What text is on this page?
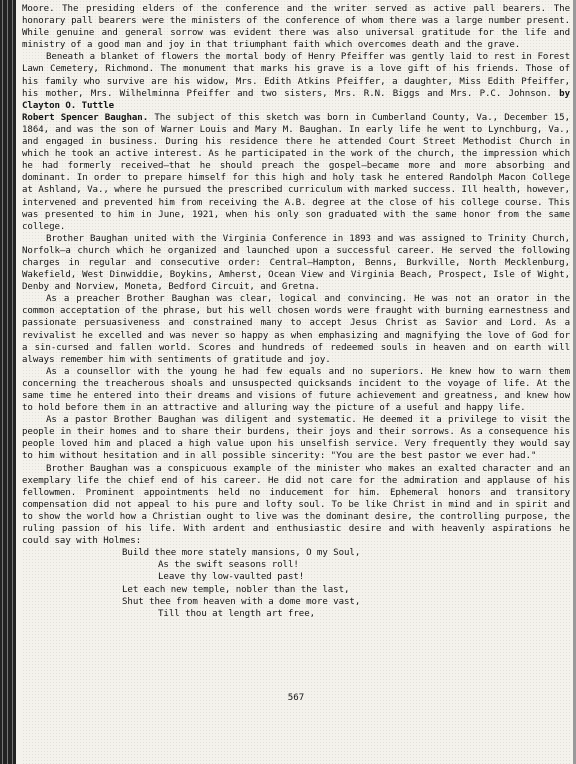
Moore. The presiding elders of the conference and the writer served as active pall bearers. The honorary pall bearers were the ministers of the conference of whom there was a large number present. While genuine and general sorrow was evident there was also universal gratitude for the life and ministry of a good man and joy in that triumphant faith which overcomes death and the grave.

Beneath a blanket of flowers the mortal body of Henry Pfeiffer was gently laid to rest in Forest Lawn Cemetery, Richmond. The monument that marks his grave is a love gift of his friends. Those of his family who survive are his widow, Mrs. Edith Atkins Pfeiffer, a daughter, Miss Edith Pfeiffer, his mother, Mrs. Wilhelminna Pfeiffer and two sisters, Mrs. R.N. Biggs and Mrs. P.C. Johnson. by Clayton O. Tuttle

Robert Spencer Baughan. The subject of this sketch was born in Cumberland County, Va., December 15, 1864, and was the son of Warner Louis and Mary M. Baughan. In early life he went to Lynchburg, Va., and engaged in business. During his residence there he attended Court Street Methodist Church in which he took an active interest. As he participated in the work of the church, the impression which he had formerly received—that he should preach the gospel—became more and more absorbing and dominant. In order to prepare himself for this high and holy task he entered Randolph Macon College at Ashland, Va., where he pursued the prescribed curriculum with marked success. Ill health, however, intervened and prevented him from receiving the A.B. degree at the close of his college course. This was presented to him in June, 1921, when his only son graduated with the same honor from the same college.

Brother Baughan united with the Virginia Conference in 1893 and was assigned to Trinity Church, Norfolk—a church which he organized and launched upon a successful career. He served the following charges in regular and consecutive order: Central—Hampton, Benns, Burkville, North Mecklenburg, Wakefield, West Dinwiddie, Boykins, Amherst, Ocean View and Virginia Beach, Prospect, Isle of Wight, Denby and Norview, Moneta, Bedford Circuit, and Gretna.

As a preacher Brother Baughan was clear, logical and convincing. He was not an orator in the common acceptation of the phrase, but his well chosen words were fraught with burning earnestness and passionate persuasiveness and constrained many to accept Jesus Christ as Savior and Lord. As a revivalist he excelled and was never so happy as when emphasizing and magnifying the love of God for a sin-cursed and fallen world. Scores and hundreds of redeemed souls in heaven and on earth will always remember him with sentiments of gratitude and joy.

As a counsellor with the young he had few equals and no superiors. He knew how to warn them concerning the treacherous shoals and unsuspected quicksands incident to the voyage of life. At the same time he entered into their dreams and visions of future achievement and greatness, and knew how to hold before them in an attractive and alluring way the picture of a useful and happy life.

As a pastor Brother Baughan was diligent and systematic. He deemed it a privilege to visit the people in their homes and to share their burdens, their joys and their sorrows. As a consequence his people loved him and placed a high value upon his unselfish service. Very frequently they would say to him without hesitation and in all possible sincerity: "You are the best pastor we ever had."

Brother Baughan was a conspicuous example of the minister who makes an exalted character and an exemplary life the chief end of his career. He did not care for the admiration and applause of his fellowmen. Prominent appointments held no inducement for him. Ephemeral honors and transitory compensation did not appeal to his pure and lofty soul. To be like Christ in mind and in spirit and to show the world how a Christian ought to live was the dominant desire, the controlling purpose, the ruling passion of his life. With ardent and enthusiastic desire and with heavenly aspirations he could say with Holmes:

Build thee more stately mansions, O my Soul,
As the swift seasons roll!
Leave thy low-vaulted past!
Let each new temple, nobler than the last,
Shut thee from heaven with a dome more vast,
Till thou at length art free,
567
